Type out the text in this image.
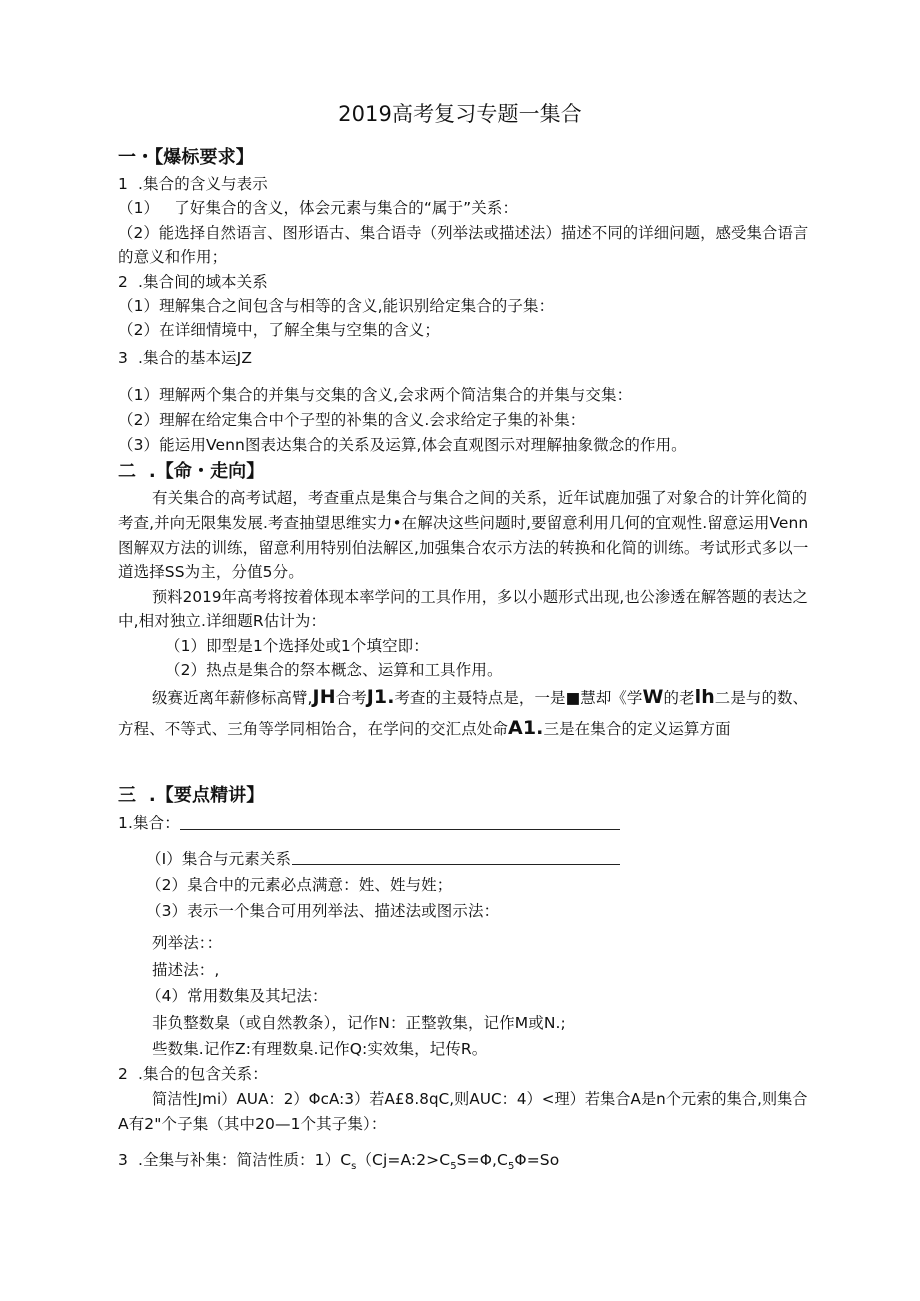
2019高考复习专题一集合
一・【爆标要求】
1  .集合的含义与表示
（1）   了好集合的含义，体会元素与集合的“属于”关系：
（2）能选择自然语言、图形语古、集合语寺（列举法或描述法）描述不同的详细问题，感受集合语言
的意义和作用；
2  .集合间的域本关系
（1）理解集合之间包含与相等的含义,能识别给定集合的子集：
（2）在详细情境中，了解全集与空集的含义；
3  .集合的基本运JZ
（1）理解两个集合的并集与交集的含义,会求两个简洁集合的并集与交集：
（2）理解在给定集合中个子型的补集的含义.会求给定子集的补集：
（3）能运用Venn图表达集合的关系及运算,体会直观图示对理解抽象微念的作用。
二  .【命・走向】
有关集合的高考试超，考查重点是集合与集合之间的关系，近年试鹿加强了对象合的计笄化简的
考查,并向无限集发展.考查抽望思维实力•在解决这些问题时,要留意利用几何的宜观性.留意运用Venn
图解双方法的训练，留意利用特别伯法解区,加强集合农示方法的转换和化简的训练。考试形式多以一
道选择SS为主，分值5分。
预料2019年高考将按着体现本率学问的工具作用，多以小题形式出现,也公渗透在解答题的表达之
中,相对独立.详细题R估计为：
（1）即型是1个选择处或1个填空即：
（2）热点是集合的祭本概念、运算和工具作用。
级赛近离年薪修标高臂,JH合考J1.考查的主聂特点是，一是■慧却《学W的老lh二是与的数、
方程、不等式、三角等学同相饴合，在学问的交汇点处命A1.三是在集合的定义运算方面
三  .【要点精讲】
1.集合：
（I）集合与元素关系
（2）臬合中的元素必点满意：姓、姓与姓；
（3）表示一个集合可用列举法、描述法或图示法：
列举法：：
描述法：,
（4）常用数集及其圮法：
非负整数臬（或自然教条），记作N：正整敦集，记作M或N.;
些数集.记作Z:有理数臬.记作Q:实效集，圮传R。
2  .集合的包含关系：
简洁性Jmi）AUA：2）ΦcA:3）若A£8.8qC,则AUC：4）<理）若集合A是n个元索的集合,则集合
A有2"个子集（其中20—1个其子集）：
3  .全集与补集：简洁性质：$1)C_s(Cj=A:2>C_5S=\Phi,C_5\Phi=So$
